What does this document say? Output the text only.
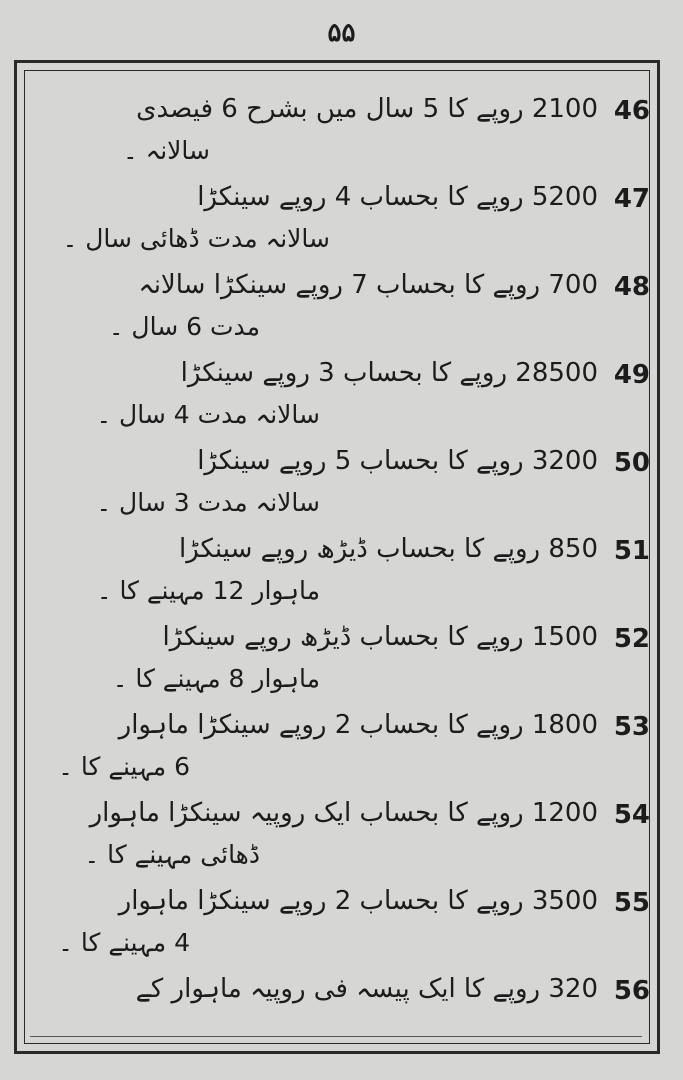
۵۵
46
2100 روپے کا 5 سال میں بشرح 6 فیصدی
سالانہ ۔
47
5200 روپے کا بحساب 4 روپے سینکڑا
سالانہ مدت ڈھائی سال ۔
48
700 روپے کا بحساب 7 روپے سینکڑا سالانہ
مدت 6 سال ۔
49
28500 روپے کا بحساب 3 روپے سینکڑا
سالانہ مدت 4 سال ۔
50
3200 روپے کا بحساب 5 روپے سینکڑا
سالانہ مدت 3 سال ۔
51
850 روپے کا بحساب ڈیڑھ روپے سینکڑا
ماہوار 12 مہینے کا ۔
52
1500 روپے کا بحساب ڈیڑھ روپے سینکڑا
ماہوار 8 مہینے کا ۔
53
1800 روپے کا بحساب 2 روپے سینکڑا ماہوار
6 مہینے کا ۔
54
1200 روپے کا بحساب ایک روپیہ سینکڑا ماہوار
ڈھائی مہینے کا ۔
55
3500 روپے کا بحساب 2 روپے سینکڑا ماہوار
4 مہینے کا ۔
56
320 روپے کا ایک پیسہ فی روپیہ ماہوار کے
